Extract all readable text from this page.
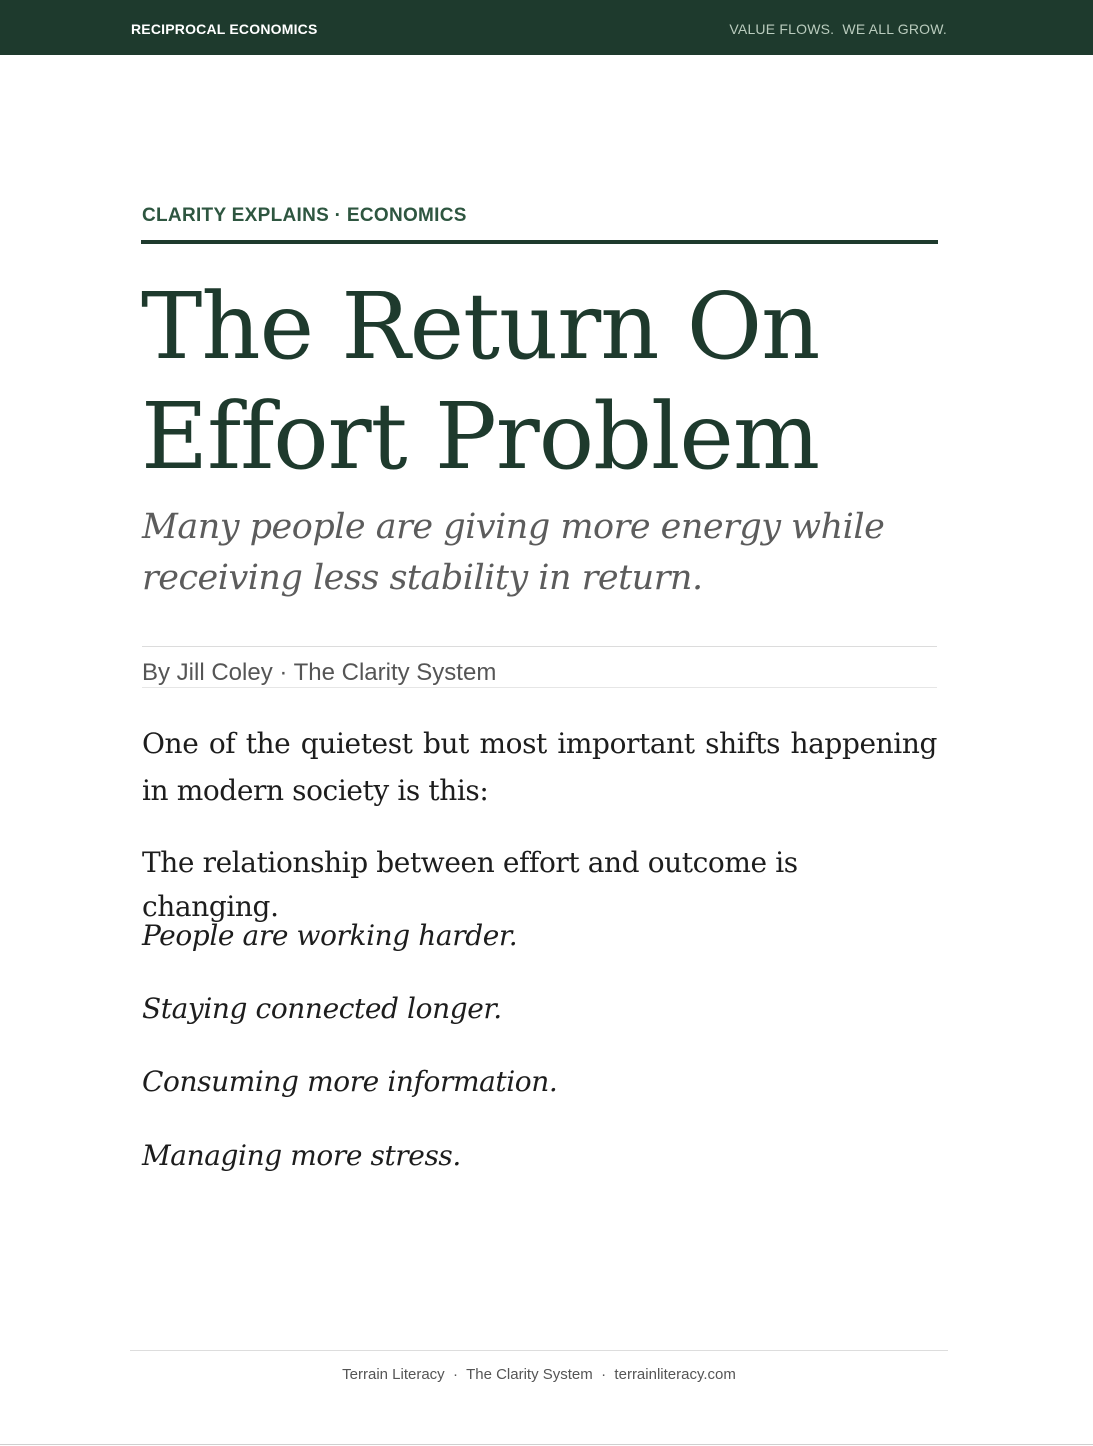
RECIPROCAL ECONOMICS	VALUE FLOWS.  WE ALL GROW.
CLARITY EXPLAINS · ECONOMICS
The Return On Effort Problem

Many people are giving more energy while receiving less stability in return.

By Jill Coley · The Clarity System

One of the quietest but most important shifts happening in modern society is this:

The relationship between effort and outcome is changing.

People are working harder.

Staying connected longer.

Consuming more information.

Managing more stress.

Terrain Literacy  ·  The Clarity System  ·  terrainliteracy.com
